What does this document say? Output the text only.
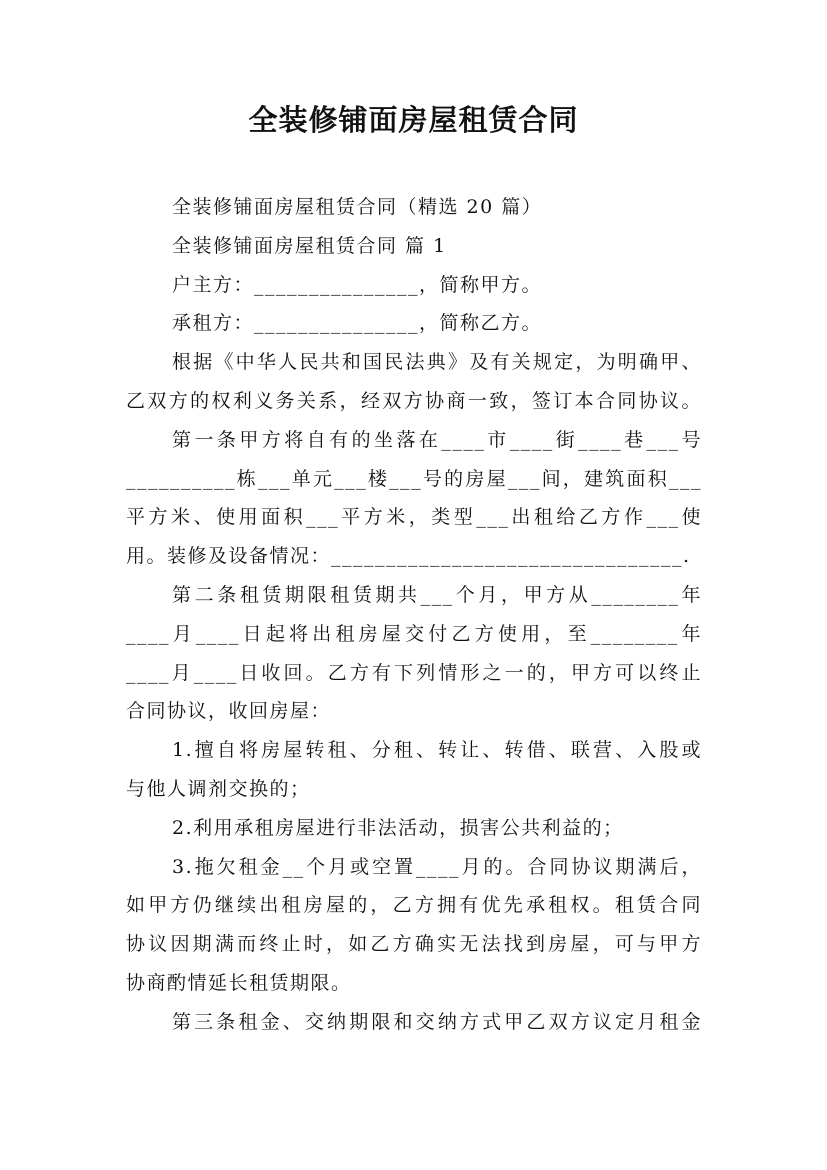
全装修铺面房屋租赁合同
全装修铺面房屋租赁合同（精选 20 篇）
全装修铺面房屋租赁合同 篇 1
户主方：_______________，简称甲方。
承租方：_______________，简称乙方。
根据《中华人民共和国民法典》及有关规定，为明确甲、
乙双方的权利义务关系，经双方协商一致，签订本合同协议。
第一条甲方将自有的坐落在____市____街____巷___号
__________栋___单元___楼___号的房屋___间，建筑面积___
平方米、使用面积___平方米，类型___出租给乙方作___使
用。装修及设备情况：________________________________.
第二条租赁期限租赁期共___个月，甲方从________年
____月____日起将出租房屋交付乙方使用，至________年
____月____日收回。乙方有下列情形之一的，甲方可以终止
合同协议，收回房屋：
1.擅自将房屋转租、分租、转让、转借、联营、入股或
与他人调剂交换的；
2.利用承租房屋进行非法活动，损害公共利益的；
3.拖欠租金__个月或空置____月的。合同协议期满后，
如甲方仍继续出租房屋的，乙方拥有优先承租权。租赁合同
协议因期满而终止时，如乙方确实无法找到房屋，可与甲方
协商酌情延长租赁期限。
第三条租金、交纳期限和交纳方式甲乙双方议定月租金
